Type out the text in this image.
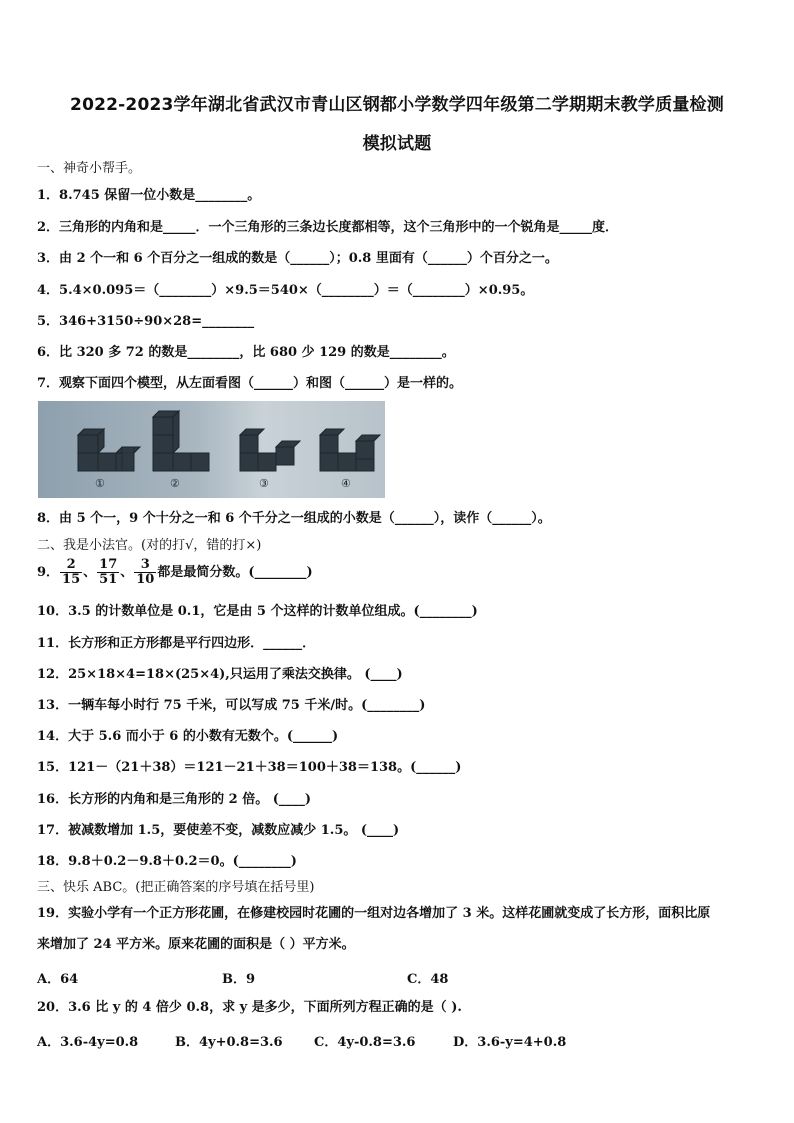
2022-2023学年湖北省武汉市青山区钢都小学数学四年级第二学期期末教学质量检测
模拟试题
一、神奇小帮手。
1．8.745 保留一位小数是________。
2．三角形的内角和是_____．一个三角形的三条边长度都相等，这个三角形中的一个锐角是_____度．
3．由 2 个一和 6 个百分之一组成的数是（______）；0.8 里面有（______）个百分之一。
4．5.4×0.095＝（________）×9.5＝540×（________）＝（________）×0.95。
5．346+3150÷90×28=________
6．比 320 多 72 的数是________，比 680 少 129 的数是________。
7．观察下面四个模型，从左面看图（______）和图（______）是一样的。
①	②	③	④
8．由 5 个一，9 个十分之一和 6 个千分之一组成的小数是（______），读作（______）。
二、我是小法官。(对的打√，错的打×)
9． $\frac{2}{15}$ 、 $\frac{17}{51}$ 、 $\frac{3}{10}$ 都是最简分数。(________)
10．3.5 的计数单位是 0.1，它是由 5 个这样的计数单位组成。(________)
11．长方形和正方形都是平行四边形．______．
12．25×18×4=18×(25×4),只运用了乘法交换律。 (____)
13．一辆车每小时行 75 千米，可以写成 75 千米/时。(________)
14．大于 5.6 而小于 6 的小数有无数个。(______)
15．121－（21＋38）＝121－21＋38＝100＋38＝138。(______)
16．长方形的内角和是三角形的 2 倍。 (____)
17．被减数增加 1.5，要使差不变，减数应减少 1.5。 (____)
18．9.8＋0.2－9.8＋0.2＝0。(________)
三、快乐 ABC。(把正确答案的序号填在括号里)
19．实验小学有一个正方形花圃，在修建校园时花圃的一组对边各增加了 3 米。这样花圃就变成了长方形，面积比原
来增加了 24 平方米。原来花圃的面积是（ ）平方米。
A．64	B．9	C．48
20．3.6 比 y 的 4 倍少 0.8，求 y 是多少，下面所列方程正确的是（ ).
A．3.6-4y=0.8	B．4y+0.8=3.6 C．4y-0.8=3.6	D．3.6-y=4+0.8
